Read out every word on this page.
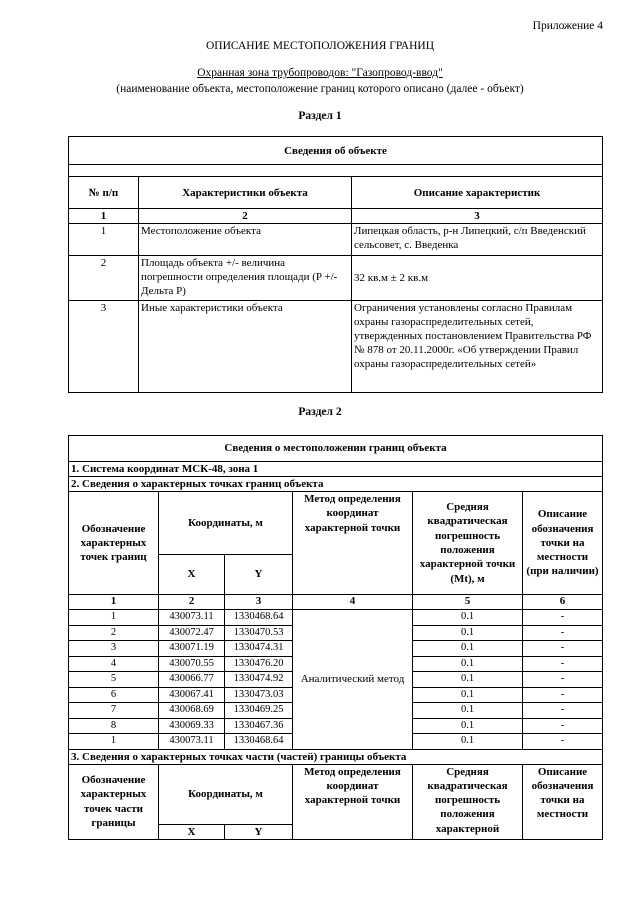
Приложение 4
ОПИСАНИЕ МЕСТОПОЛОЖЕНИЯ ГРАНИЦ
Охранная зона трубопроводов: "Газопровод-ввод"
(наименование объекта, местоположение границ которого описано (далее - объект)
Раздел 1
Сведения об объекте		

№ п/п	Характеристики объекта	Описание характеристик
1	2	3
1	Местоположение объекта	Липецкая область, р-н Липецкий, с/п Введенский сельсовет, с. Введенка
2	Площадь объекта +/- величина погрешности определения площади (P +/- Дельта P)	32 кв.м ± 2 кв.м
3	Иные характеристики объекта	Ограничения установлены согласно Правилам охраны газораспределительных сетей, утвержденных постановлением Правительства РФ № 878 от 20.11.2000г. «Об утверждении Правил охраны газораспределительных сетей»
Раздел 2
Сведения о местоположении границ объекта					
1. Система координат МСК-48, зона 1					
2. Сведения о характерных точках границ объекта					
Обозначение характерных точек границ	Координаты, м		Метод определения координат характерной точки	Средняя квадратическая погрешность положения характерной точки (Mt), м	Описание обозначения точки на местности (при наличии)
	X	Y			
1	2	3	4	5	6
1	430073.11	1330468.64	Аналитический метод	0.1	-
2	430072.47	1330470.53		0.1	-
3	430071.19	1330474.31		0.1	-
4	430070.55	1330476.20		0.1	-
5	430066.77	1330474.92		0.1	-
6	430067.41	1330473.03		0.1	-
7	430068.69	1330469.25		0.1	-
8	430069.33	1330467.36		0.1	-
1	430073.11	1330468.64		0.1	-
3. Сведения о характерных точках части (частей) границы объекта					
Обозначение характерных точек части границы	Координаты, м		Метод определения координат характерной точки	Средняя квадратическая погрешность положения характерной	Описание обозначения точки на местности
	X	Y			
